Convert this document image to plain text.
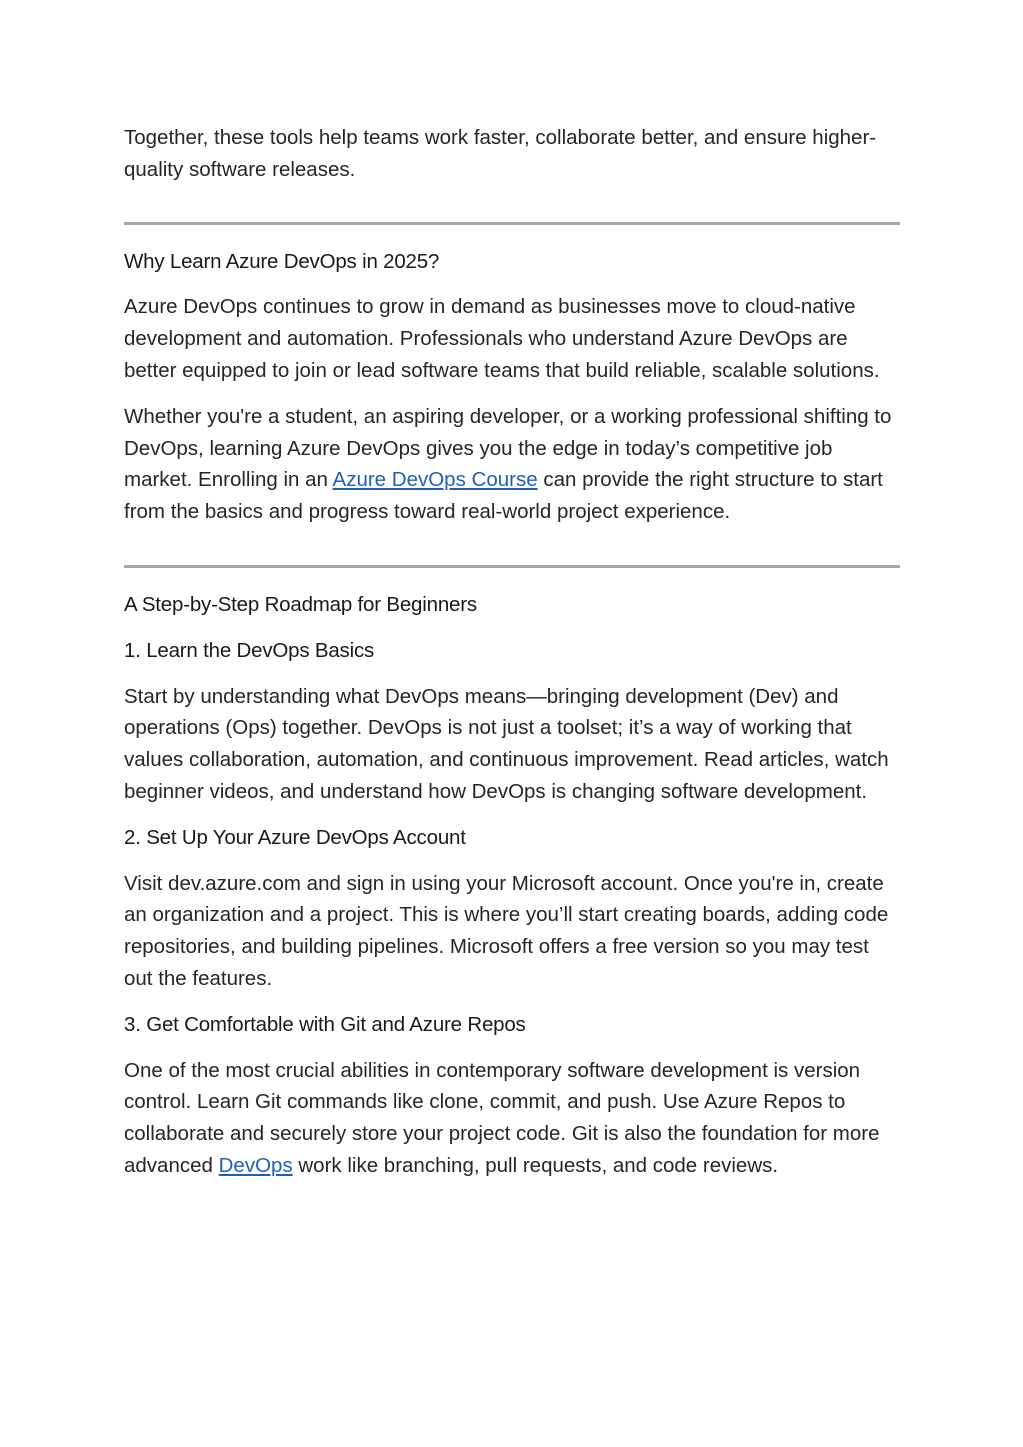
Together, these tools help teams work faster, collaborate better, and ensure higher-quality software releases.

Why Learn Azure DevOps in 2025?

Azure DevOps continues to grow in demand as businesses move to cloud-native development and automation. Professionals who understand Azure DevOps are better equipped to join or lead software teams that build reliable, scalable solutions.

Whether you're a student, an aspiring developer, or a working professional shifting to DevOps, learning Azure DevOps gives you the edge in today’s competitive job market. Enrolling in an Azure DevOps Course can provide the right structure to start from the basics and progress toward real-world project experience.

A Step-by-Step Roadmap for Beginners

1. Learn the DevOps Basics

Start by understanding what DevOps means—bringing development (Dev) and operations (Ops) together. DevOps is not just a toolset; it’s a way of working that values collaboration, automation, and continuous improvement. Read articles, watch beginner videos, and understand how DevOps is changing software development.

2. Set Up Your Azure DevOps Account

Visit dev.azure.com and sign in using your Microsoft account. Once you're in, create an organization and a project. This is where you’ll start creating boards, adding code repositories, and building pipelines. Microsoft offers a free version so you may test out the features.

3. Get Comfortable with Git and Azure Repos

One of the most crucial abilities in contemporary software development is version control. Learn Git commands like clone, commit, and push. Use Azure Repos to collaborate and securely store your project code. Git is also the foundation for more advanced DevOps work like branching, pull requests, and code reviews.
